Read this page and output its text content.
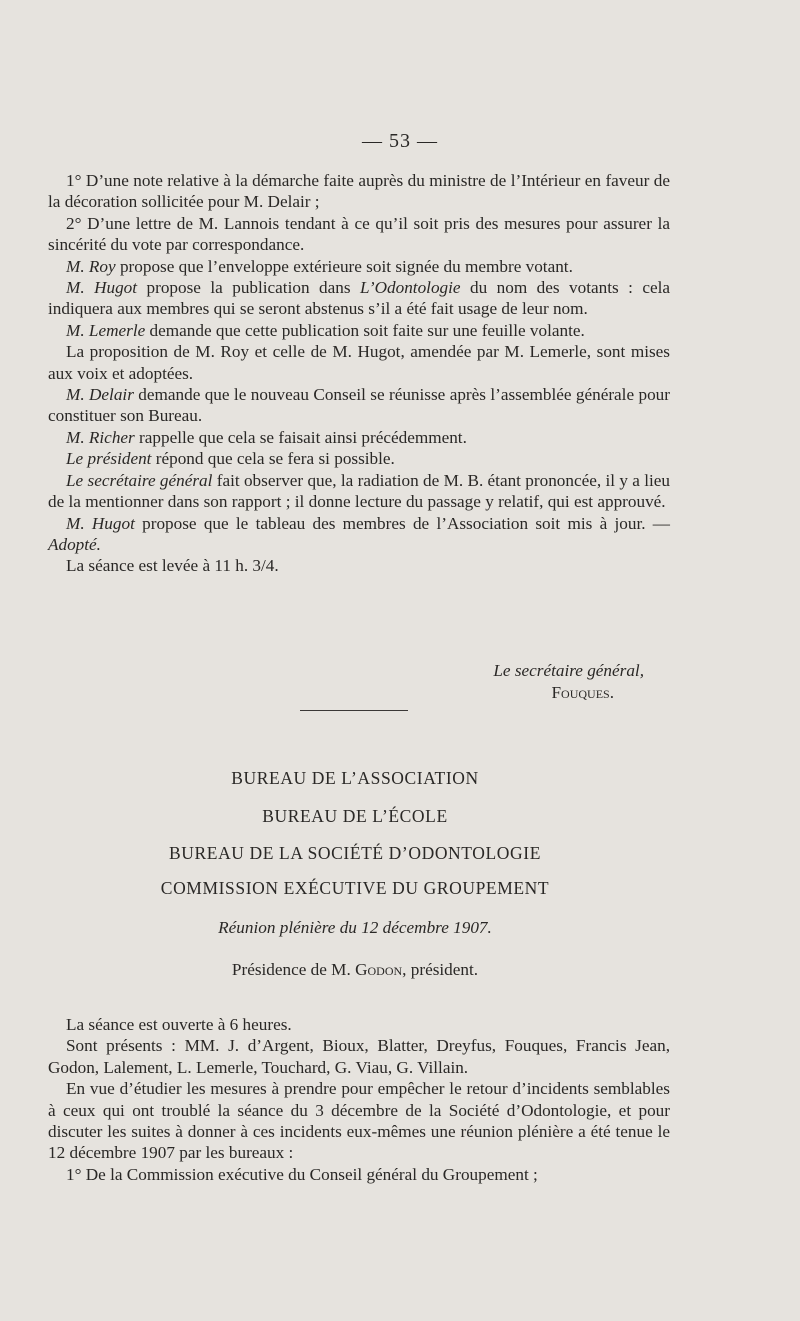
— 53 —

1° D’une note relative à la démarche faite auprès du ministre de l’Intérieur en faveur de la décoration sollicitée pour M. Delair ;

2° D’une lettre de M. Lannois tendant à ce qu’il soit pris des mesures pour assurer la sincérité du vote par correspondance.

M. Roy propose que l’enveloppe extérieure soit signée du membre votant.

M. Hugot propose la publication dans L’Odontologie du nom des votants : cela indiquera aux membres qui se seront abstenus s’il a été fait usage de leur nom.

M. Lemerle demande que cette publication soit faite sur une feuille volante.

La proposition de M. Roy et celle de M. Hugot, amendée par M. Lemerle, sont mises aux voix et adoptées.

M. Delair demande que le nouveau Conseil se réunisse après l’assemblée générale pour constituer son Bureau.

M. Richer rappelle que cela se faisait ainsi précédemment.

Le président répond que cela se fera si possible.

Le secrétaire général fait observer que, la radiation de M. B. étant prononcée, il y a lieu de la mentionner dans son rapport ; il donne lecture du passage y relatif, qui est approuvé.

M. Hugot propose que le tableau des membres de l’Association soit mis à jour. — Adopté.

La séance est levée à 11 h. 3/4.

Le secrétaire général,
Fouques.
BUREAU DE L’ASSOCIATION
BUREAU DE L’ÉCOLE
BUREAU DE LA SOCIÉTÉ D’ODONTOLOGIE
COMMISSION EXÉCUTIVE DU GROUPEMENT
Réunion plénière du 12 décembre 1907.
Présidence de M. Godon, président.

La séance est ouverte à 6 heures.

Sont présents : MM. J. d’Argent, Bioux, Blatter, Dreyfus, Fouques, Francis Jean, Godon, Lalement, L. Lemerle, Touchard, G. Viau, G. Villain.

En vue d’étudier les mesures à prendre pour empêcher le retour d’incidents semblables à ceux qui ont troublé la séance du 3 décembre de la Société d’Odontologie, et pour discuter les suites à donner à ces incidents eux-mêmes une réunion plénière a été tenue le 12 décembre 1907 par les bureaux :

1° De la Commission exécutive du Conseil général du Groupement ;
